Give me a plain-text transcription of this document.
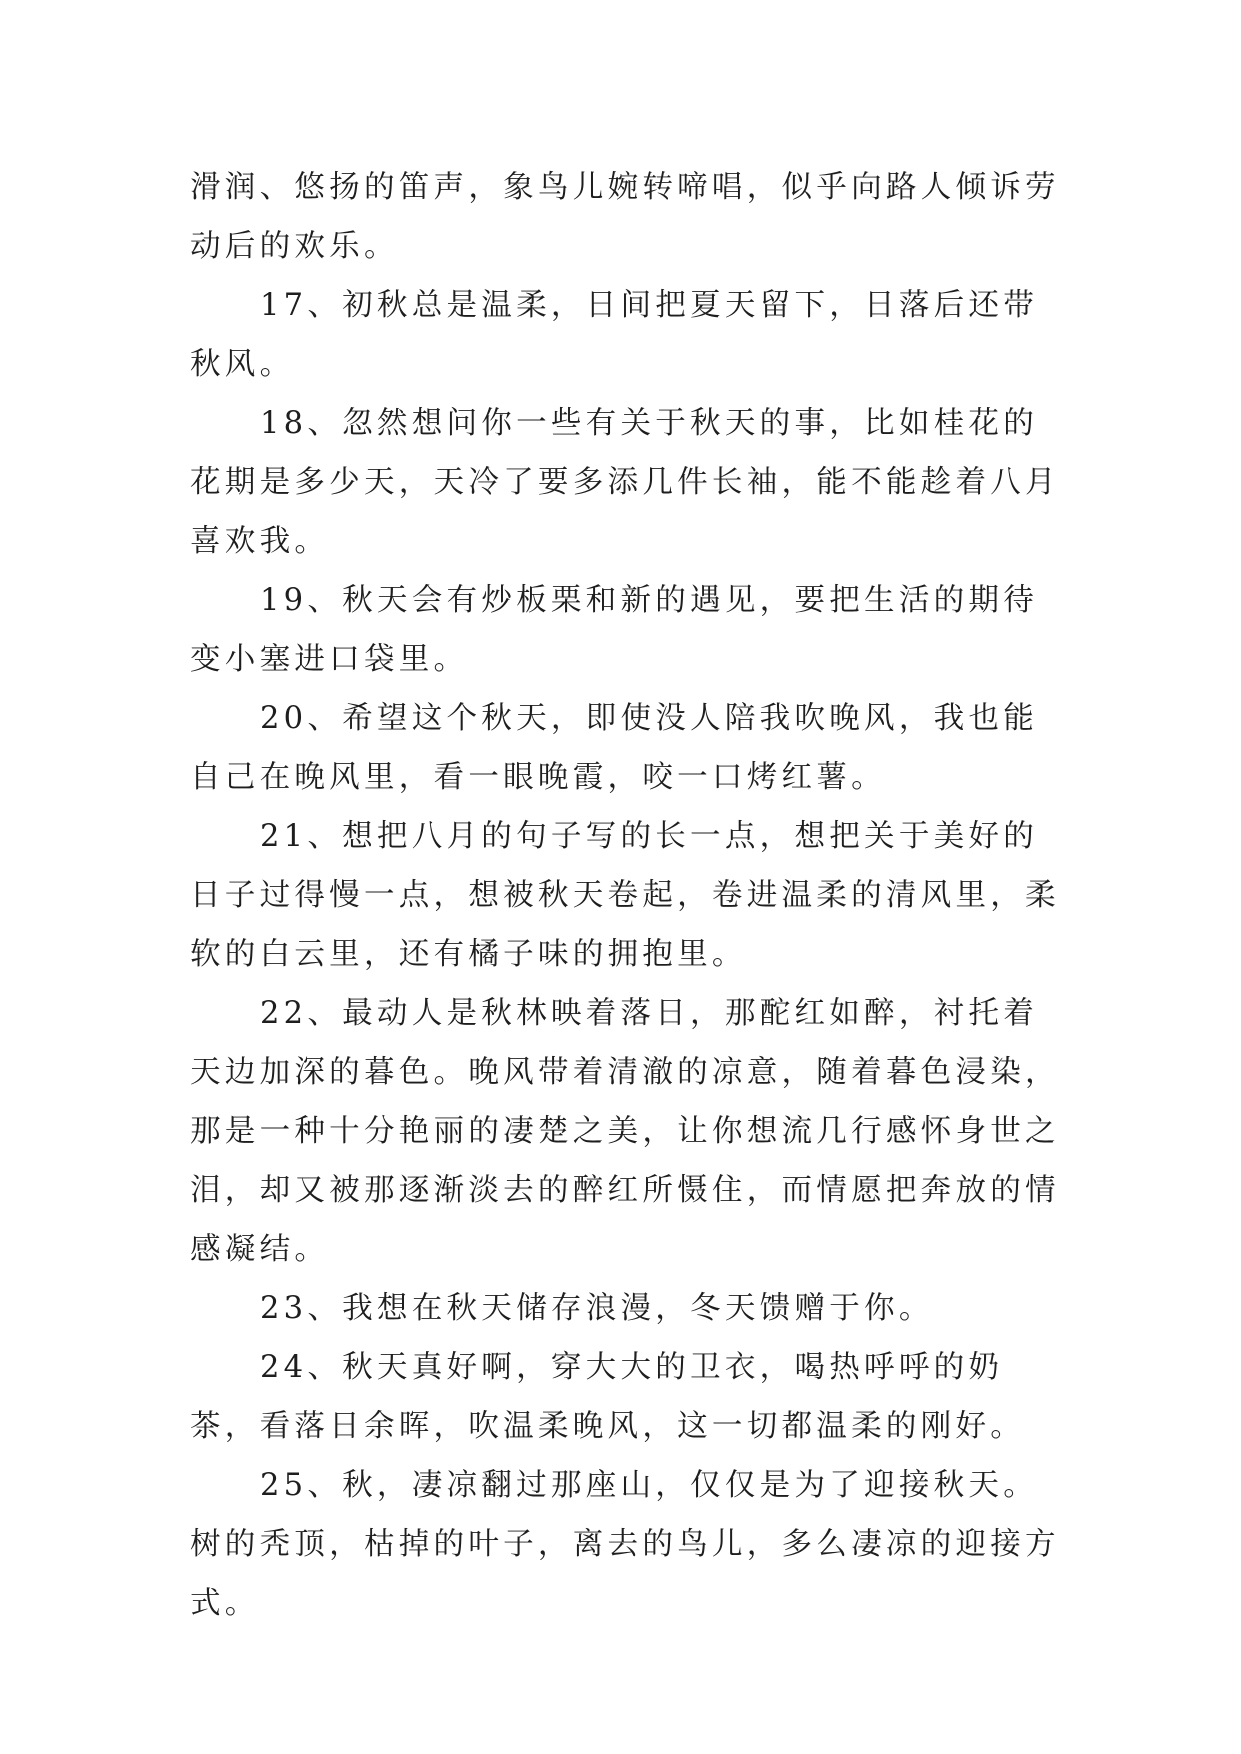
滑润、悠扬的笛声，象鸟儿婉转啼唱，似乎向路人倾诉劳动后的欢乐。

17、初秋总是温柔，日间把夏天留下，日落后还带秋风。

18、忽然想问你一些有关于秋天的事，比如桂花的花期是多少天，天冷了要多添几件长袖，能不能趁着八月喜欢我。

19、秋天会有炒板栗和新的遇见，要把生活的期待变小塞进口袋里。

20、希望这个秋天，即使没人陪我吹晚风，我也能自己在晚风里，看一眼晚霞，咬一口烤红薯。

21、想把八月的句子写的长一点，想把关于美好的日子过得慢一点，想被秋天卷起，卷进温柔的清风里，柔软的白云里，还有橘子味的拥抱里。

22、最动人是秋林映着落日，那酡红如醉，衬托着天边加深的暮色。晚风带着清澈的凉意，随着暮色浸染，那是一种十分艳丽的凄楚之美，让你想流几行感怀身世之泪，却又被那逐渐淡去的醉红所慑住，而情愿把奔放的情感凝结。

23、我想在秋天储存浪漫，冬天馈赠于你。

24、秋天真好啊，穿大大的卫衣，喝热呼呼的奶茶，看落日余晖，吹温柔晚风，这一切都温柔的刚好。

25、秋，凄凉翻过那座山，仅仅是为了迎接秋天。树的秃顶，枯掉的叶子，离去的鸟儿，多么凄凉的迎接方式。
